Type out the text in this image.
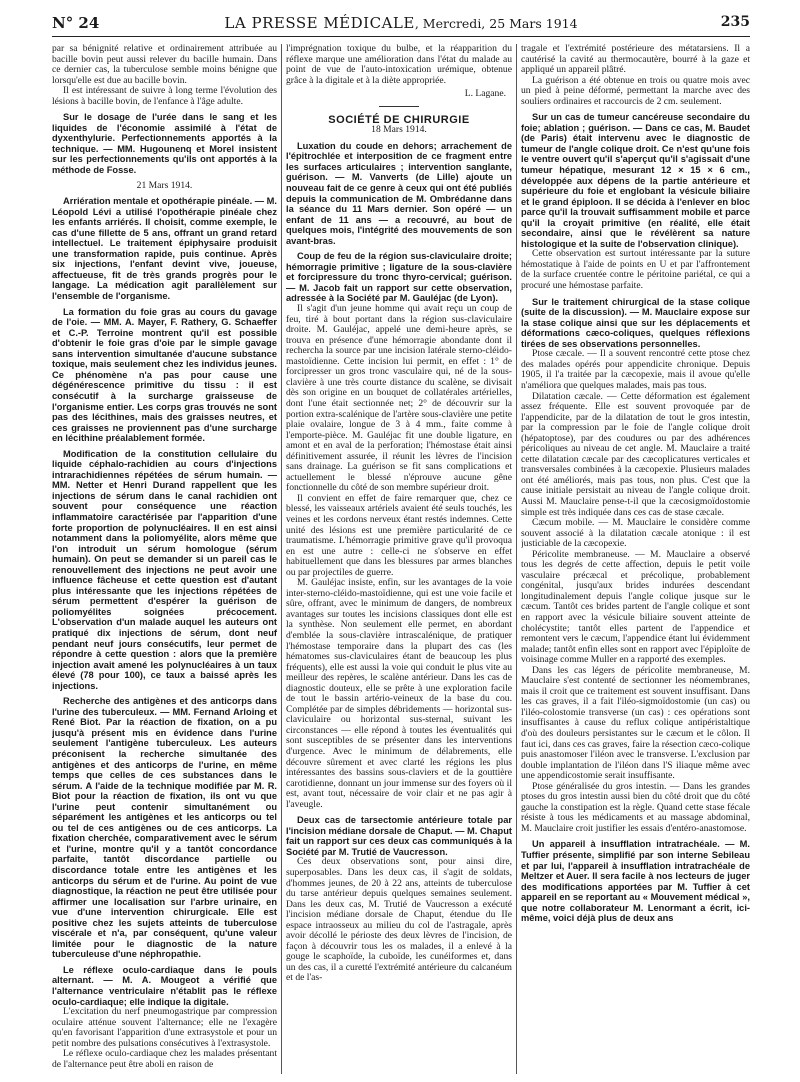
N° 24	LA PRESSE MÉDICALE, Mercredi, 25 Mars 1914	235

par sa bénignité relative et ordinairement attribuée au bacille bovin peut aussi relever du bacille humain. Dans ce dernier cas, la tuberculose semble moins bénigne que lorsqu'elle est due au bacille bovin.

Il est intéressant de suivre à long terme l'évolution des lésions à bacille bovin, de l'enfance à l'âge adulte.

Sur le dosage de l'urée dans le sang et les liquides de l'économie assimilé à l'état de dyxenthylurie. Perfectionnements apportés à la technique. — MM. Hugounenq et Morel insistent sur les perfectionnements qu'ils ont apportés à la méthode de Fosse.

21 Mars 1914.

Arriération mentale et opothérapie pinéale. — M. Léopold Lévi a utilisé l'opothérapie pinéale chez les enfants arriérés. Il choisit, comme exemple, le cas d'une fillette de 5 ans, offrant un grand retard intellectuel. Le traitement épiphysaire produisit une transformation rapide, puis continue. Après six injections, l'enfant devint vive, joueuse, affectueuse, fit de très grands progrès pour le langage. La médication agit parallèlement sur l'ensemble de l'organisme.

La formation du foie gras au cours du gavage de l'oie. — MM. A. Mayer, F. Rathery, G. Schaeffer et C.-P. Terroine montrent qu'il est possible d'obtenir le foie gras d'oie par le simple gavage sans intervention simultanée d'aucune substance toxique, mais seulement chez les individus jeunes. Ce phénomène n'a pas pour cause une dégénérescence primitive du tissu : il est consécutif à la surcharge graisseuse de l'organisme entier. Les corps gras trouvés ne sont pas des lécithines, mais des graisses neutres, et ces graisses ne proviennent pas d'une surcharge en lécithine préalablement formée.

Modification de la constitution cellulaire du liquide céphalo-rachidien au cours d'injections intrarachidiennes répétées de sérum humain. — MM. Netter et Henri Durand rappellent que les injections de sérum dans le canal rachidien ont souvent pour conséquence une réaction inflammatoire caractérisée par l'apparition d'une forte proportion de polynucléaires. Il en est ainsi notamment dans la poliomyélite, alors même que l'on introduit un sérum homologue (sérum humain). On peut se demander si un pareil cas le renouvellement des injections ne peut avoir une influence fâcheuse et cette question est d'autant plus intéressante que les injections répétées de sérum permettent d'espérer la guérison de poliomyélites soignées précocement. L'observation d'un malade auquel les auteurs ont pratiqué dix injections de sérum, dont neuf pendant neuf jours consécutifs, leur permet de répondre à cette question : alors que la première injection avait amené les polynucléaires à un taux élevé (78 pour 100), ce taux a baissé après les injections.

Recherche des antigènes et des anticorps dans l'urine des tuberculeux. — MM. Fernand Arloing et René Biot. Par la réaction de fixation, on a pu jusqu'à présent mis en évidence dans l'urine seulement l'antigène tuberculeux. Les auteurs préconisent la recherche simultanée des antigènes et des anticorps de l'urine, en même temps que celles de ces substances dans le sérum. A l'aide de la technique modifiée par M. R. Biot pour la réaction de fixation, ils ont vu que l'urine peut contenir simultanément ou séparément les antigènes et les anticorps ou tel ou tel de ces antigènes ou de ces anticorps. La fixation cherchée, comparativement avec le sérum et l'urine, montre qu'il y a tantôt concordance parfaite, tantôt discordance partielle ou discordance totale entre les antigènes et les anticorps du sérum et de l'urine. Au point de vue diagnostique, la réaction ne peut être utilisée pour affirmer une localisation sur l'arbre urinaire, en vue d'une intervention chirurgicale. Elle est positive chez les sujets atteints de tuberculose viscérale et n'a, par conséquent, qu'une valeur limitée pour le diagnostic de la nature tuberculeuse d'une néphropathie.

Le réflexe oculo-cardiaque dans le pouls alternant. — M. A. Mougeot a vérifié que l'alternance ventriculaire n'établit pas le réflexe oculo-cardiaque; elle indique la digitale.

L'excitation du nerf pneumogastrique par compression oculaire atténue souvent l'alternance; elle ne l'exagère qu'en favorisant l'apparition d'une extrasystole et pour un petit nombre des pulsations consécutives à l'extrasystole.

Le réflexe oculo-cardiaque chez les malades présentant de l'alternance peut être aboli en raison de

l'imprégnation toxique du bulbe, et la réapparition du réflexe marque une amélioration dans l'état du malade au point de vue de l'auto-intoxication urémique, obtenue grâce à la digitale et à la diète appropriée.

L. Lagane.

SOCIÉTÉ DE CHIRURGIE

18 Mars 1914.

Luxation du coude en dehors; arrachement de l'épitrochlée et interposition de ce fragment entre les surfaces articulaires ; intervention sanglante, guérison. — M. Vanverts (de Lille) ajoute un nouveau fait de ce genre à ceux qui ont été publiés depuis la communication de M. Ombrédanne dans la séance du 11 Mars dernier. Son opéré — un enfant de 11 ans — a recouvré, au bout de quelques mois, l'intégrité des mouvements de son avant-bras.

Coup de feu de la région sus-claviculaire droite; hémorragie primitive ; ligature de la sous-clavière et forcipressure du tronc thyro-cervical; guérison. — M. Jacob fait un rapport sur cette observation, adressée à la Société par M. Gauléjac (de Lyon).

Il s'agit d'un jeune homme qui avait reçu un coup de feu, tiré à bout portant dans la région sus-claviculaire droite. M. Gauléjac, appelé une demi-heure après, se trouva en présence d'une hémorragie abondante dont il rechercha la source par une incision latérale sterno-cléido-mastoïdienne. Cette incision lui permit, en effet : 1° de forcipresser un gros tronc vasculaire qui, né de la sous-clavière à une très courte distance du scalène, se divisait dès son origine en un bouquet de collatérales artérielles, dont l'une était sectionnée net; 2° de découvrir sur la portion extra-scalénique de l'artère sous-clavière une petite plaie ovalaire, longue de 3 à 4 mm., faite comme à l'emporte-pièce. M. Gauléjac fit une double ligature, en amont et en aval de la perforation; l'hémostase était ainsi définitivement assurée, il réunit les lèvres de l'incision sans drainage. La guérison se fit sans complications et actuellement le blessé n'éprouve aucune gêne fonctionnelle du côté de son membre supérieur droit.

Il convient en effet de faire remarquer que, chez ce blessé, les vaisseaux artériels avaient été seuls touchés, les veines et les cordons nerveux étant restés indemnes. Cette unité des lésions est une première particularité de ce traumatisme. L'hémorragie primitive grave qu'il provoqua en est une autre : celle-ci ne s'observe en effet habituellement que dans les blessures par armes blanches ou par projectiles de guerre.

M. Gauléjac insiste, enfin, sur les avantages de la voie inter-sterno-cléido-mastoïdienne, qui est une voie facile et sûre, offrant, avec le minimum de dangers, de nombreux avantages sur toutes les incisions classiques dont elle est la synthèse. Non seulement elle permet, en abordant d'emblée la sous-clavière intrascalénique, de pratiquer l'hémostase temporaire dans la plupart des cas (les hématomes sus-claviculaires étant de beaucoup les plus fréquents), elle est aussi la voie qui conduit le plus vite au meilleur des repères, le scalène antérieur. Dans les cas de diagnostic douteux, elle se prête à une exploration facile de tout le bassin artério-veineux de la base du cou. Complétée par de simples débridements — horizontal sus-claviculaire ou horizontal sus-sternal, suivant les circonstances — elle répond à toutes les éventualités qui sont susceptibles de se présenter dans les interventions d'urgence. Avec le minimum de délabrements, elle découvre sûrement et avec clarté les régions les plus intéressantes des bassins sous-claviers et de la gouttière carotidienne, donnant un jour immense sur des foyers où il est, avant tout, nécessaire de voir clair et ne pas agir à l'aveugle.

Deux cas de tarsectomie antérieure totale par l'incision médiane dorsale de Chaput. — M. Chaput fait un rapport sur ces deux cas communiqués à la Société par M. Trutié de Vaucresson.

Ces deux observations sont, pour ainsi dire, superposables. Dans les deux cas, il s'agit de soldats, d'hommes jeunes, de 20 à 22 ans, atteints de tuberculose du tarse antérieur depuis quelques semaines seulement. Dans les deux cas, M. Trutié de Vaucresson a exécuté l'incision médiane dorsale de Chaput, étendue du IIe espace intraosseux au milieu du col de l'astragale, après avoir décollé le périoste des deux lèvres de l'incision, de façon à découvrir tous les os malades, il a enlevé à la gouge le scaphoïde, la cuboïde, les cunéiformes et, dans un des cas, il a curetté l'extrémité antérieure du calcanéum et de l'as-

tragale et l'extrémité postérieure des métatarsiens. Il a cautérisé la cavité au thermocautère, bourré à la gaze et appliqué un appareil plâtré.

La guérison a été obtenue en trois ou quatre mois avec un pied à peine déformé, permettant la marche avec des souliers ordinaires et raccourcis de 2 cm. seulement.

Sur un cas de tumeur cancéreuse secondaire du foie; ablation ; guérison. — Dans ce cas, M. Baudet (de Paris) était intervenu avec le diagnostic de tumeur de l'angle colique droit. Ce n'est qu'une fois le ventre ouvert qu'il s'aperçut qu'il s'agissait d'une tumeur hépatique, mesurant 12 × 15 × 6 cm., développée aux dépens de la partie antérieure et supérieure du foie et englobant la vésicule biliaire et le grand épiploon. Il se décida à l'enlever en bloc parce qu'il la trouvait suffisamment mobile et parce qu'il la croyait primitive (en réalité, elle était secondaire, ainsi que le révélèrent sa nature histologique et la suite de l'observation clinique).

Cette observation est surtout intéressante par la suture hémostatique à l'aide de points en U et par l'affrontement de la surface cruentée contre le péritoine pariétal, ce qui a procuré une hémostase parfaite.

Sur le traitement chirurgical de la stase colique (suite de la discussion). — M. Mauclaire expose sur la stase colique ainsi que sur les déplacements et déformations cæco-coliques, quelques réflexions tirées de ses observations personnelles.

Ptose cæcale. — Il a souvent rencontré cette ptose chez des malades opérés pour appendicite chronique. Depuis 1905, il l'a traitée par la cæcopexie, mais il avoue qu'elle n'améliora que quelques malades, mais pas tous.

Dilatation cæcale. — Cette déformation est également assez fréquente. Elle est souvent provoquée par de l'appendicite, par de la dilatation de tout le gros intestin, par la compression par le foie de l'angle colique droit (hépatoptose), par des coudures ou par des adhérences péricoliques au niveau de cet angle. M. Mauclaire a traité cette dilatation cæcale par des cæcoplicatures verticales et transversales combinées à la cæcopexie. Plusieurs malades ont été améliorés, mais pas tous, non plus. C'est que la cause initiale persistait au niveau de l'angle colique droit. Aussi M. Mauclaire pense-t-il que la cæcosigmoïdostomie simple est très indiquée dans ces cas de stase cæcale.

Cæcum mobile. — M. Mauclaire le considère comme souvent associé à la dilatation cæcale atonique : il est justiciable de la cæcopexie.

Péricolite membraneuse. — M. Mauclaire a observé tous les degrés de cette affection, depuis le petit voile vasculaire précæcal et précolique, probablement congénital, jusqu'aux brides indurées descendant longitudinalement depuis l'angle colique jusque sur le cæcum. Tantôt ces brides partent de l'angle colique et sont en rapport avec la vésicule biliaire souvent atteinte de cholécystite; tantôt elles partent de l'appendice et remontent vers le cæcum, l'appendice étant lui évidemment malade; tantôt enfin elles sont en rapport avec l'épiploïte de voisinage comme Muller en a rapporté des exemples.

Dans les cas légers de péricolite membraneuse, M. Mauclaire s'est contenté de sectionner les néomembranes, mais il croit que ce traitement est souvent insuffisant. Dans les cas graves, il a fait l'iléo-sigmoïdostomie (un cas) ou l'iléo-colostomie transverse (un cas) : ces opérations sont insuffisantes à cause du reflux colique antipéristaltique d'où des douleurs persistantes sur le cæcum et le côlon. Il faut ici, dans ces cas graves, faire la résection cæco-colique puis anastomoser l'iléon avec le transverse. L'exclusion par double implantation de l'iléon dans l'S iliaque même avec une appendicostomie serait insuffisante.

Ptose généralisée du gros intestin. — Dans les grandes ptoses du gros intestin aussi bien du côté droit que du côté gauche la constipation est la règle. Quand cette stase fécale résiste à tous les médicaments et au massage abdominal, M. Mauclaire croit justifier les essais d'entéro-anastomose.

Un appareil à insufflation intratrachéale. — M. Tuffier présente, simplifié par son interne Sebileau et par lui, l'appareil à insufflation intratrachéale de Meltzer et Auer. Il sera facile à nos lecteurs de juger des modifications apportées par M. Tuffier à cet appareil en se reportant au « Mouvement médical », que notre collaborateur M. Lenormant a écrit, ici-même, voici déjà plus de deux ans
